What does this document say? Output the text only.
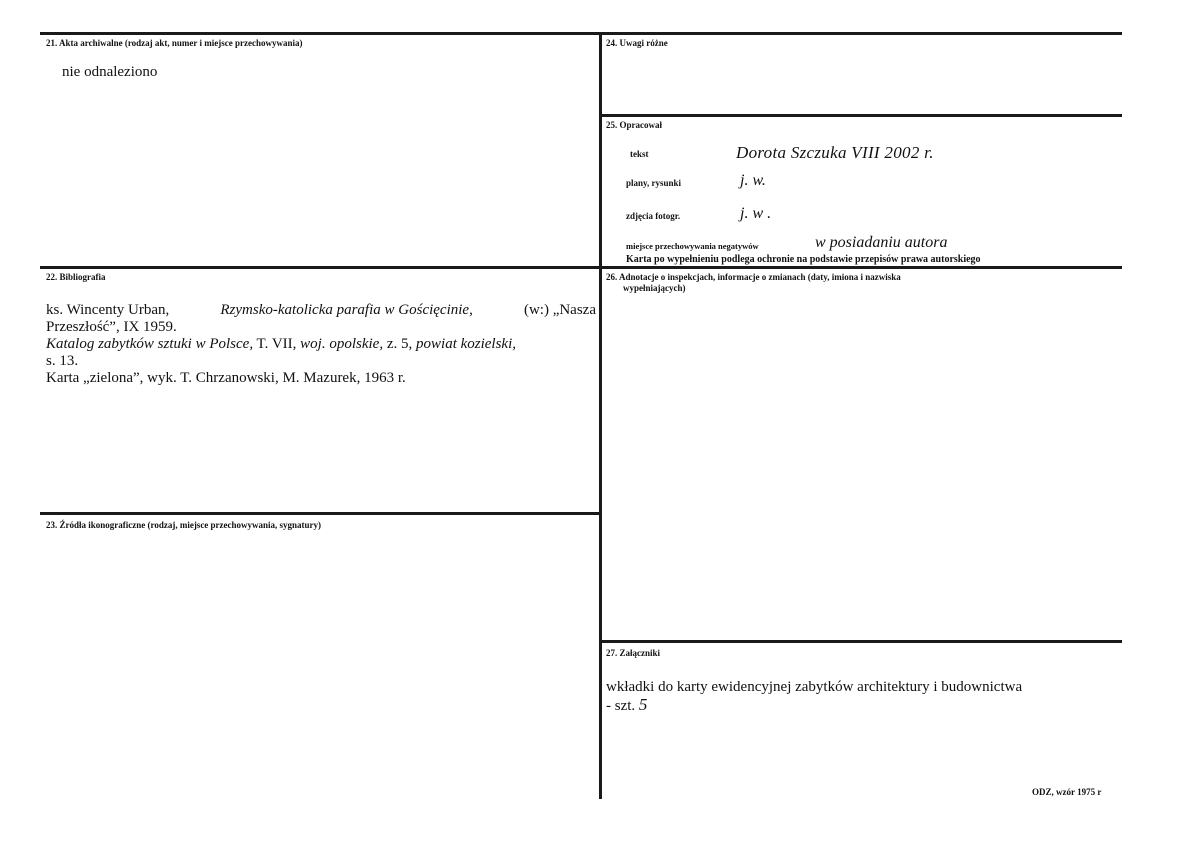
21. Akta archiwalne (rodzaj akt, numer i miejsce przechowywania)
nie odnaleziono
22. Bibliografia
ks. Wincenty Urban,	Rzymsko-katolicka parafia w Gościęcinie,	(w:) „Nasza
Przeszłość”, IX 1959.
Katalog zabytków sztuki w Polsce, T. VII, woj. opolskie, z. 5, powiat kozielski,
s. 13.
Karta „zielona”, wyk. T. Chrzanowski, M. Mazurek, 1963 r.
23. Źródła ikonograficzne (rodzaj, miejsce przechowywania, sygnatury)
24. Uwagi różne
25. Opracował
tekst	Dorota Szczuka VIII 2002 r.
plany, rysunki	j. w.
zdjęcia fotogr.	j. w .
miejsce przechowywania negatywów	w posiadaniu autora
Karta po wypełnieniu podlega ochronie na podstawie przepisów prawa autorskiego
26. Adnotacje o inspekcjach, informacje o zmianach (daty, imiona i nazwiska
wypełniających)
27. Załączniki
wkładki do karty ewidencyjnej zabytków architektury i budownictwa
- szt. 5
ODZ, wzór 1975 r
